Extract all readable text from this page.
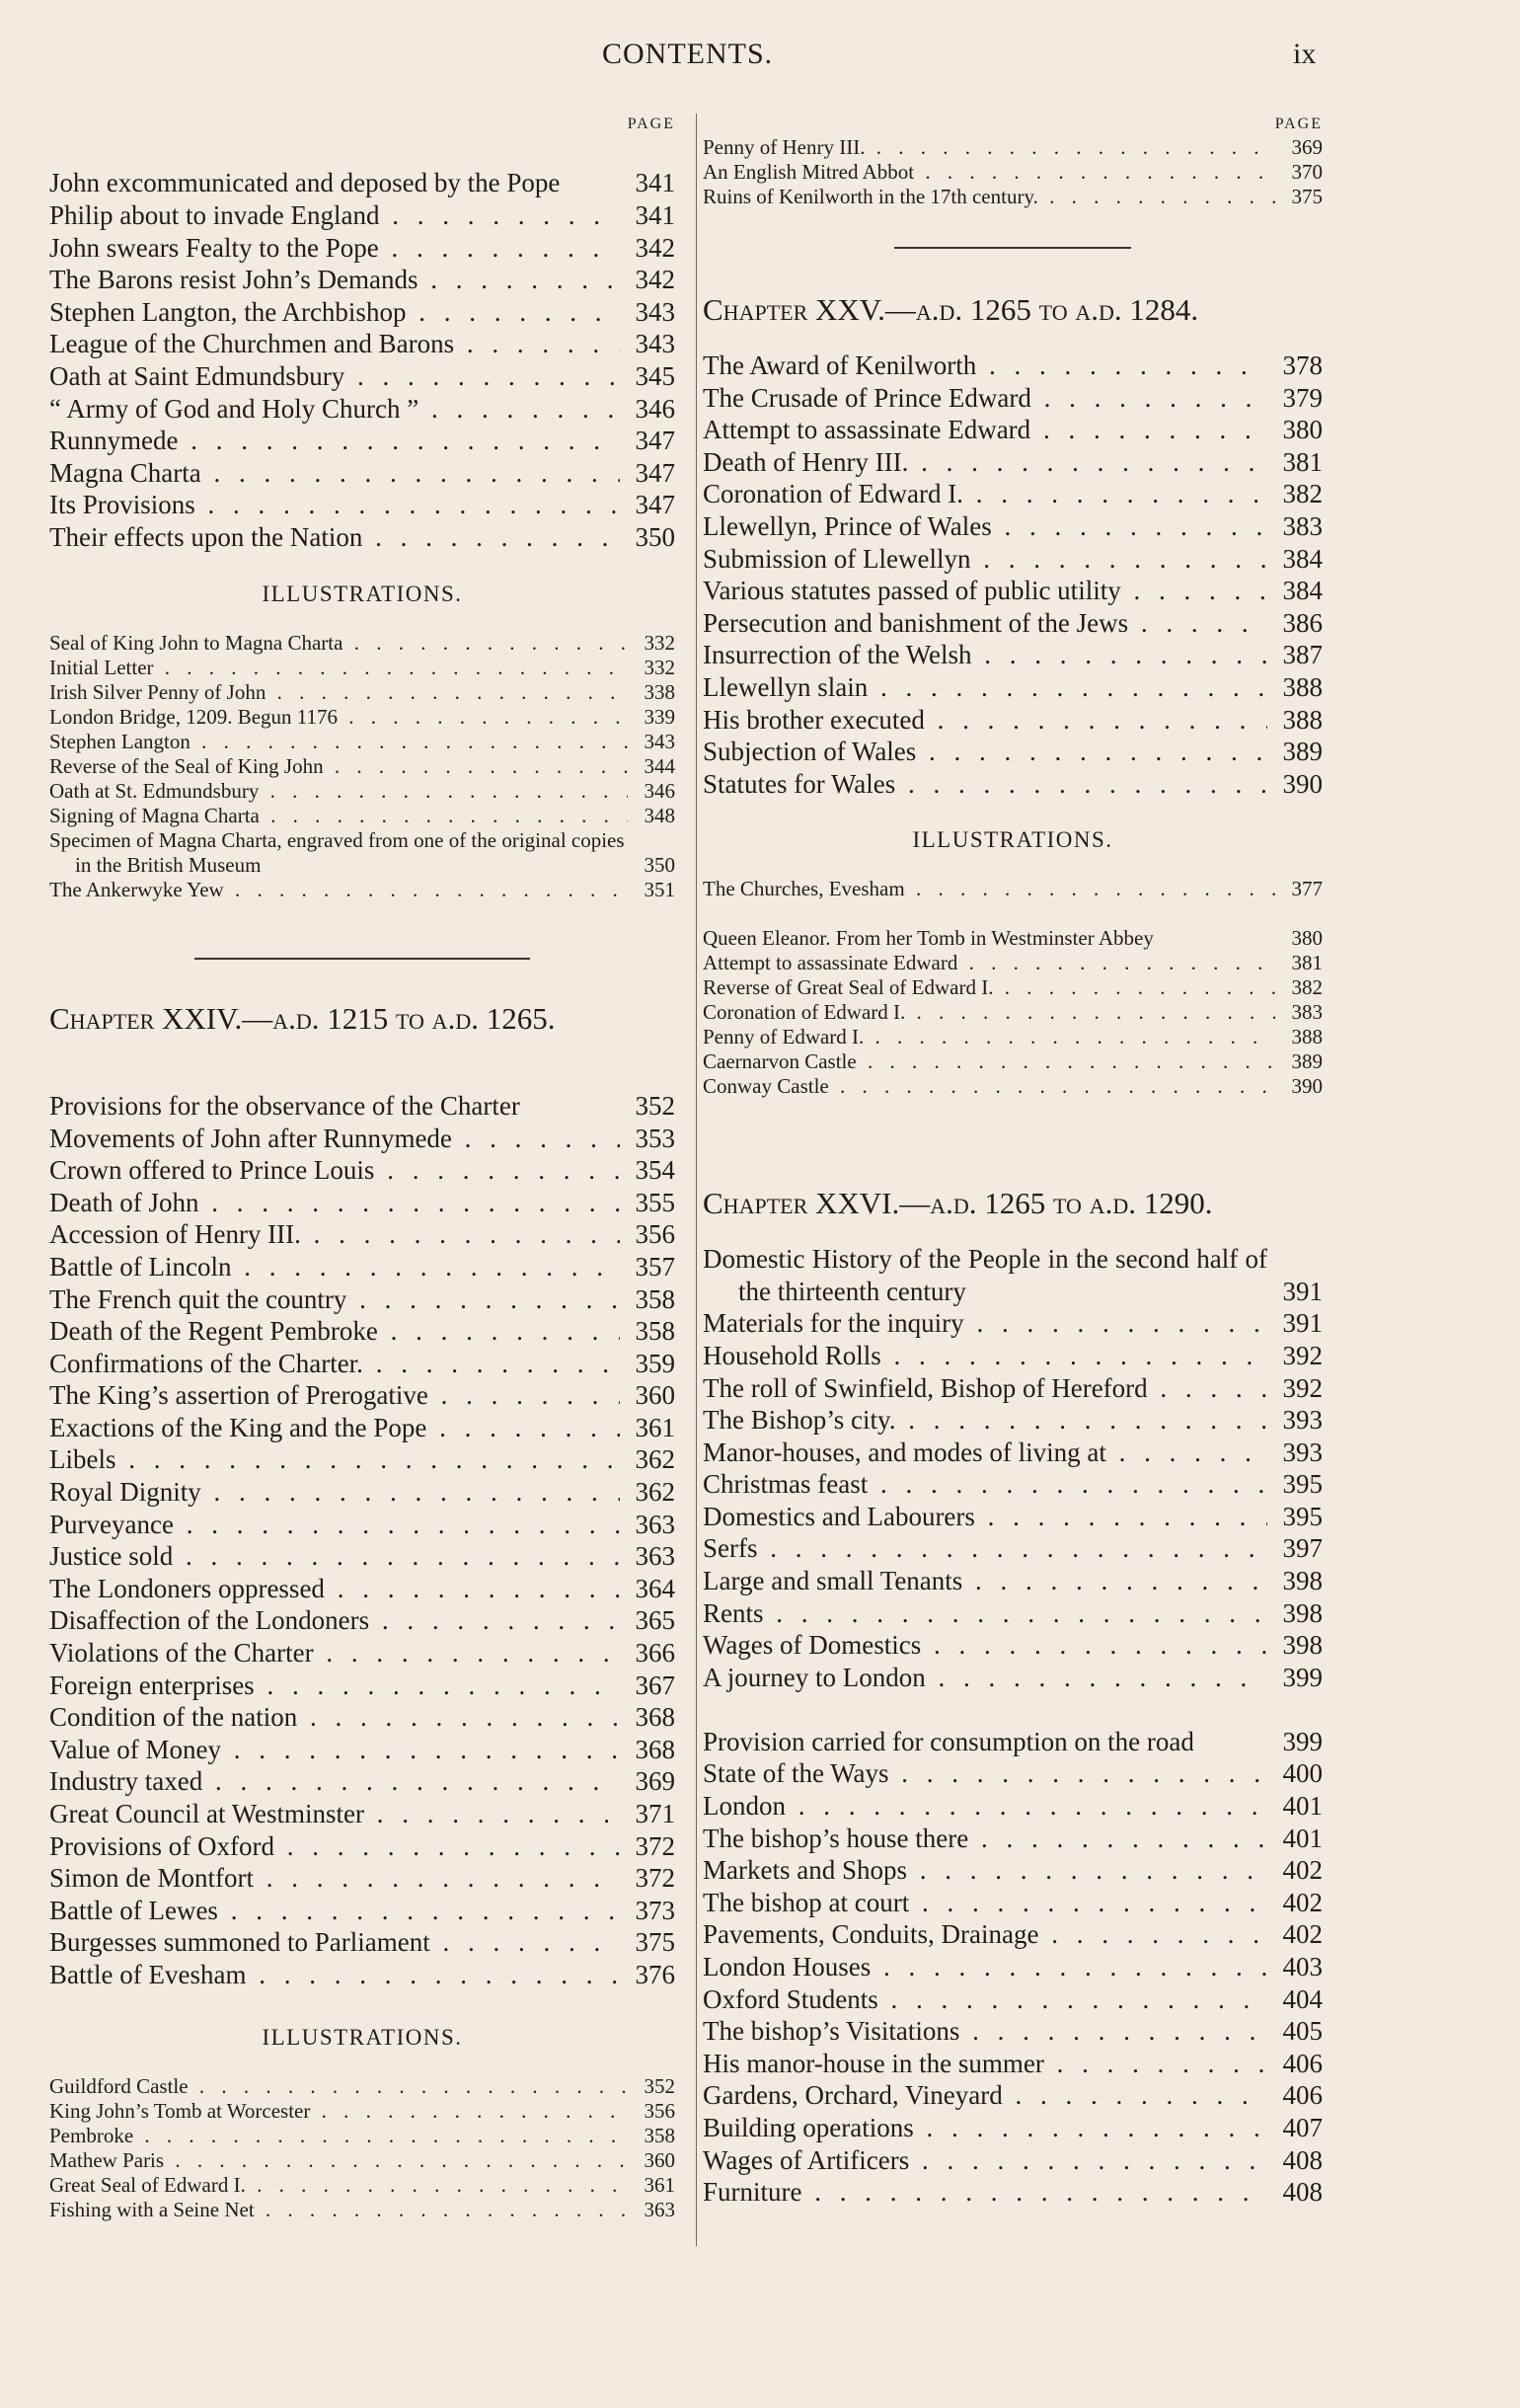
CONTENTS.	ix
PAGE
John excommunicated and deposed by the Pope	341
Philip about to invade England . . .	341
John swears Fealty to the Pope . . .	342
The Barons resist John’s Demands . . .	342
Stephen Langton, the Archbishop . . .	343
League of the Churchmen and Barons . . .	343
Oath at Saint Edmundsbury . . .	345
“ Army of God and Holy Church ” . . .	346
Runnymede . . .	347
Magna Charta . . .	347
Its Provisions . . .	347
Their effects upon the Nation . . .	350
ILLUSTRATIONS.
Seal of King John to Magna Charta . . .	332
Initial Letter . . .	332
Irish Silver Penny of John . . .	338
London Bridge, 1209. Begun 1176 . . .	339
Stephen Langton . . .	343
Reverse of the Seal of King John . . .	344
Oath at St. Edmundsbury . . .	346
Signing of Magna Charta . . .	348
Specimen of Magna Charta, engraved from one of the original copies in the British Museum	350
The Ankerwyke Yew . . .	351
Chapter XXIV.—a.d. 1215 to a.d. 1265.
Provisions for the observance of the Charter	352
Movements of John after Runnymede . . .	353
Crown offered to Prince Louis . . .	354
Death of John . . .	355
Accession of Henry III. . . .	356
Battle of Lincoln . . .	357
The French quit the country . . .	358
Death of the Regent Pembroke . . .	358
Confirmations of the Charter. . . .	359
The King’s assertion of Prerogative . . .	360
Exactions of the King and the Pope . . .	361
Libels . . .	362
Royal Dignity . . .	362
Purveyance . . .	363
Justice sold . . .	363
The Londoners oppressed . . .	364
Disaffection of the Londoners . . .	365
Violations of the Charter . . .	366
Foreign enterprises . . .	367
Condition of the nation . . .	368
Value of Money . . .	368
Industry taxed . . .	369
Great Council at Westminster . . .	371
Provisions of Oxford . . .	372
Simon de Montfort . . .	372
Battle of Lewes . . .	373
Burgesses summoned to Parliament . . .	375
Battle of Evesham . . .	376
ILLUSTRATIONS.
Guildford Castle . . .	352
King John’s Tomb at Worcester . . .	356
Pembroke . . .	358
Mathew Paris . . .	360
Great Seal of Edward I. . . .	361
Fishing with a Seine Net . . .	363
PAGE
Penny of Henry III. . . .	369
An English Mitred Abbot . . .	370
Ruins of Kenilworth in the 17th century. . . .	375
Chapter XXV.—a.d. 1265 to a.d. 1284.
The Award of Kenilworth . . .	378
The Crusade of Prince Edward . . .	379
Attempt to assassinate Edward . . .	380
Death of Henry III. . . .	381
Coronation of Edward I. . . .	382
Llewellyn, Prince of Wales . . .	383
Submission of Llewellyn . . .	384
Various statutes passed of public utility . . .	384
Persecution and banishment of the Jews . . .	386
Insurrection of the Welsh . . .	387
Llewellyn slain . . .	388
His brother executed . . .	388
Subjection of Wales . . .	389
Statutes for Wales . . .	390
ILLUSTRATIONS.
The Churches, Evesham . . .	377
Queen Eleanor. From her Tomb in Westminster Abbey	380
Attempt to assassinate Edward . . .	381
Reverse of Great Seal of Edward I. . . .	382
Coronation of Edward I. . . .	383
Penny of Edward I. . . .	388
Caernarvon Castle . . .	389
Conway Castle . . .	390
Chapter XXVI.—a.d. 1265 to a.d. 1290.
Domestic History of the People in the second half of the thirteenth century	391
Materials for the inquiry . . .	391
Household Rolls . . .	392
The roll of Swinfield, Bishop of Hereford . . .	392
The Bishop’s city. . . .	393
Manor-houses, and modes of living at . . .	393
Christmas feast . . .	395
Domestics and Labourers . . .	395
Serfs . . .	397
Large and small Tenants . . .	398
Rents . . .	398
Wages of Domestics . . .	398
A journey to London . . .	399
Provision carried for consumption on the road	399
State of the Ways . . .	400
London . . .	401
The bishop’s house there . . .	401
Markets and Shops . . .	402
The bishop at court . . .	402
Pavements, Conduits, Drainage . . .	402
London Houses . . .	403
Oxford Students . . .	404
The bishop’s Visitations . . .	405
His manor-house in the summer . . .	406
Gardens, Orchard, Vineyard . . .	406
Building operations . . .	407
Wages of Artificers . . .	408
Furniture . . .	408
